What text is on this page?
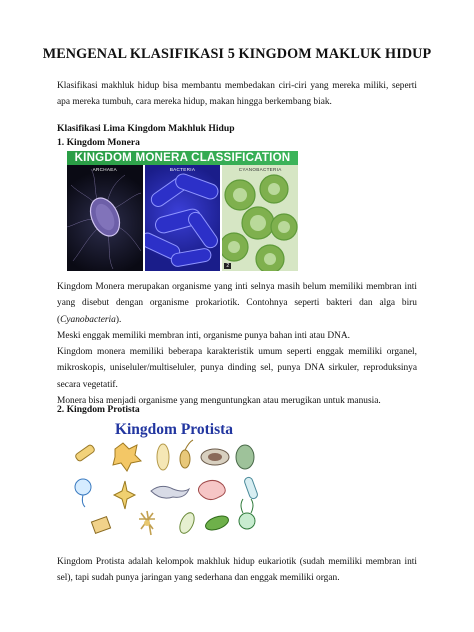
MENGENAL KLASIFIKASI 5 KINGDOM MAKLUK HIDUP

Klasifikasi makhluk hidup bisa membantu membedakan ciri-ciri yang mereka miliki, seperti apa mereka tumbuh, cara mereka hidup, makan hingga berkembang biak.

Klasifikasi Lima Kingdom Makhluk Hidup

1. Kingdom Monera

KINGDOM MONERA CLASSIFICATION
ARCHAEA	BACTERIA	CYANOBACTERIA
2

Kingdom Monera merupakan organisme yang inti selnya masih belum memiliki membran inti yang disebut dengan organisme prokariotik. Contohnya seperti bakteri dan alga biru (Cyanobacteria).

Meski enggak memiliki membran inti, organisme punya bahan inti atau DNA.

Kingdom monera memiliki beberapa karakteristik umum seperti enggak memiliki organel, mikroskopis, uniseluler/multiseluler, punya dinding sel, punya DNA sirkuler, reproduksinya secara vegetatif.

Monera bisa menjadi organisme yang menguntungkan atau merugikan untuk manusia.

2. Kingdom Protista

Kingdom Protista

Kingdom Protista adalah kelompok makhluk hidup eukariotik (sudah memiliki membran inti sel), tapi sudah punya jaringan yang sederhana dan enggak memiliki organ.
